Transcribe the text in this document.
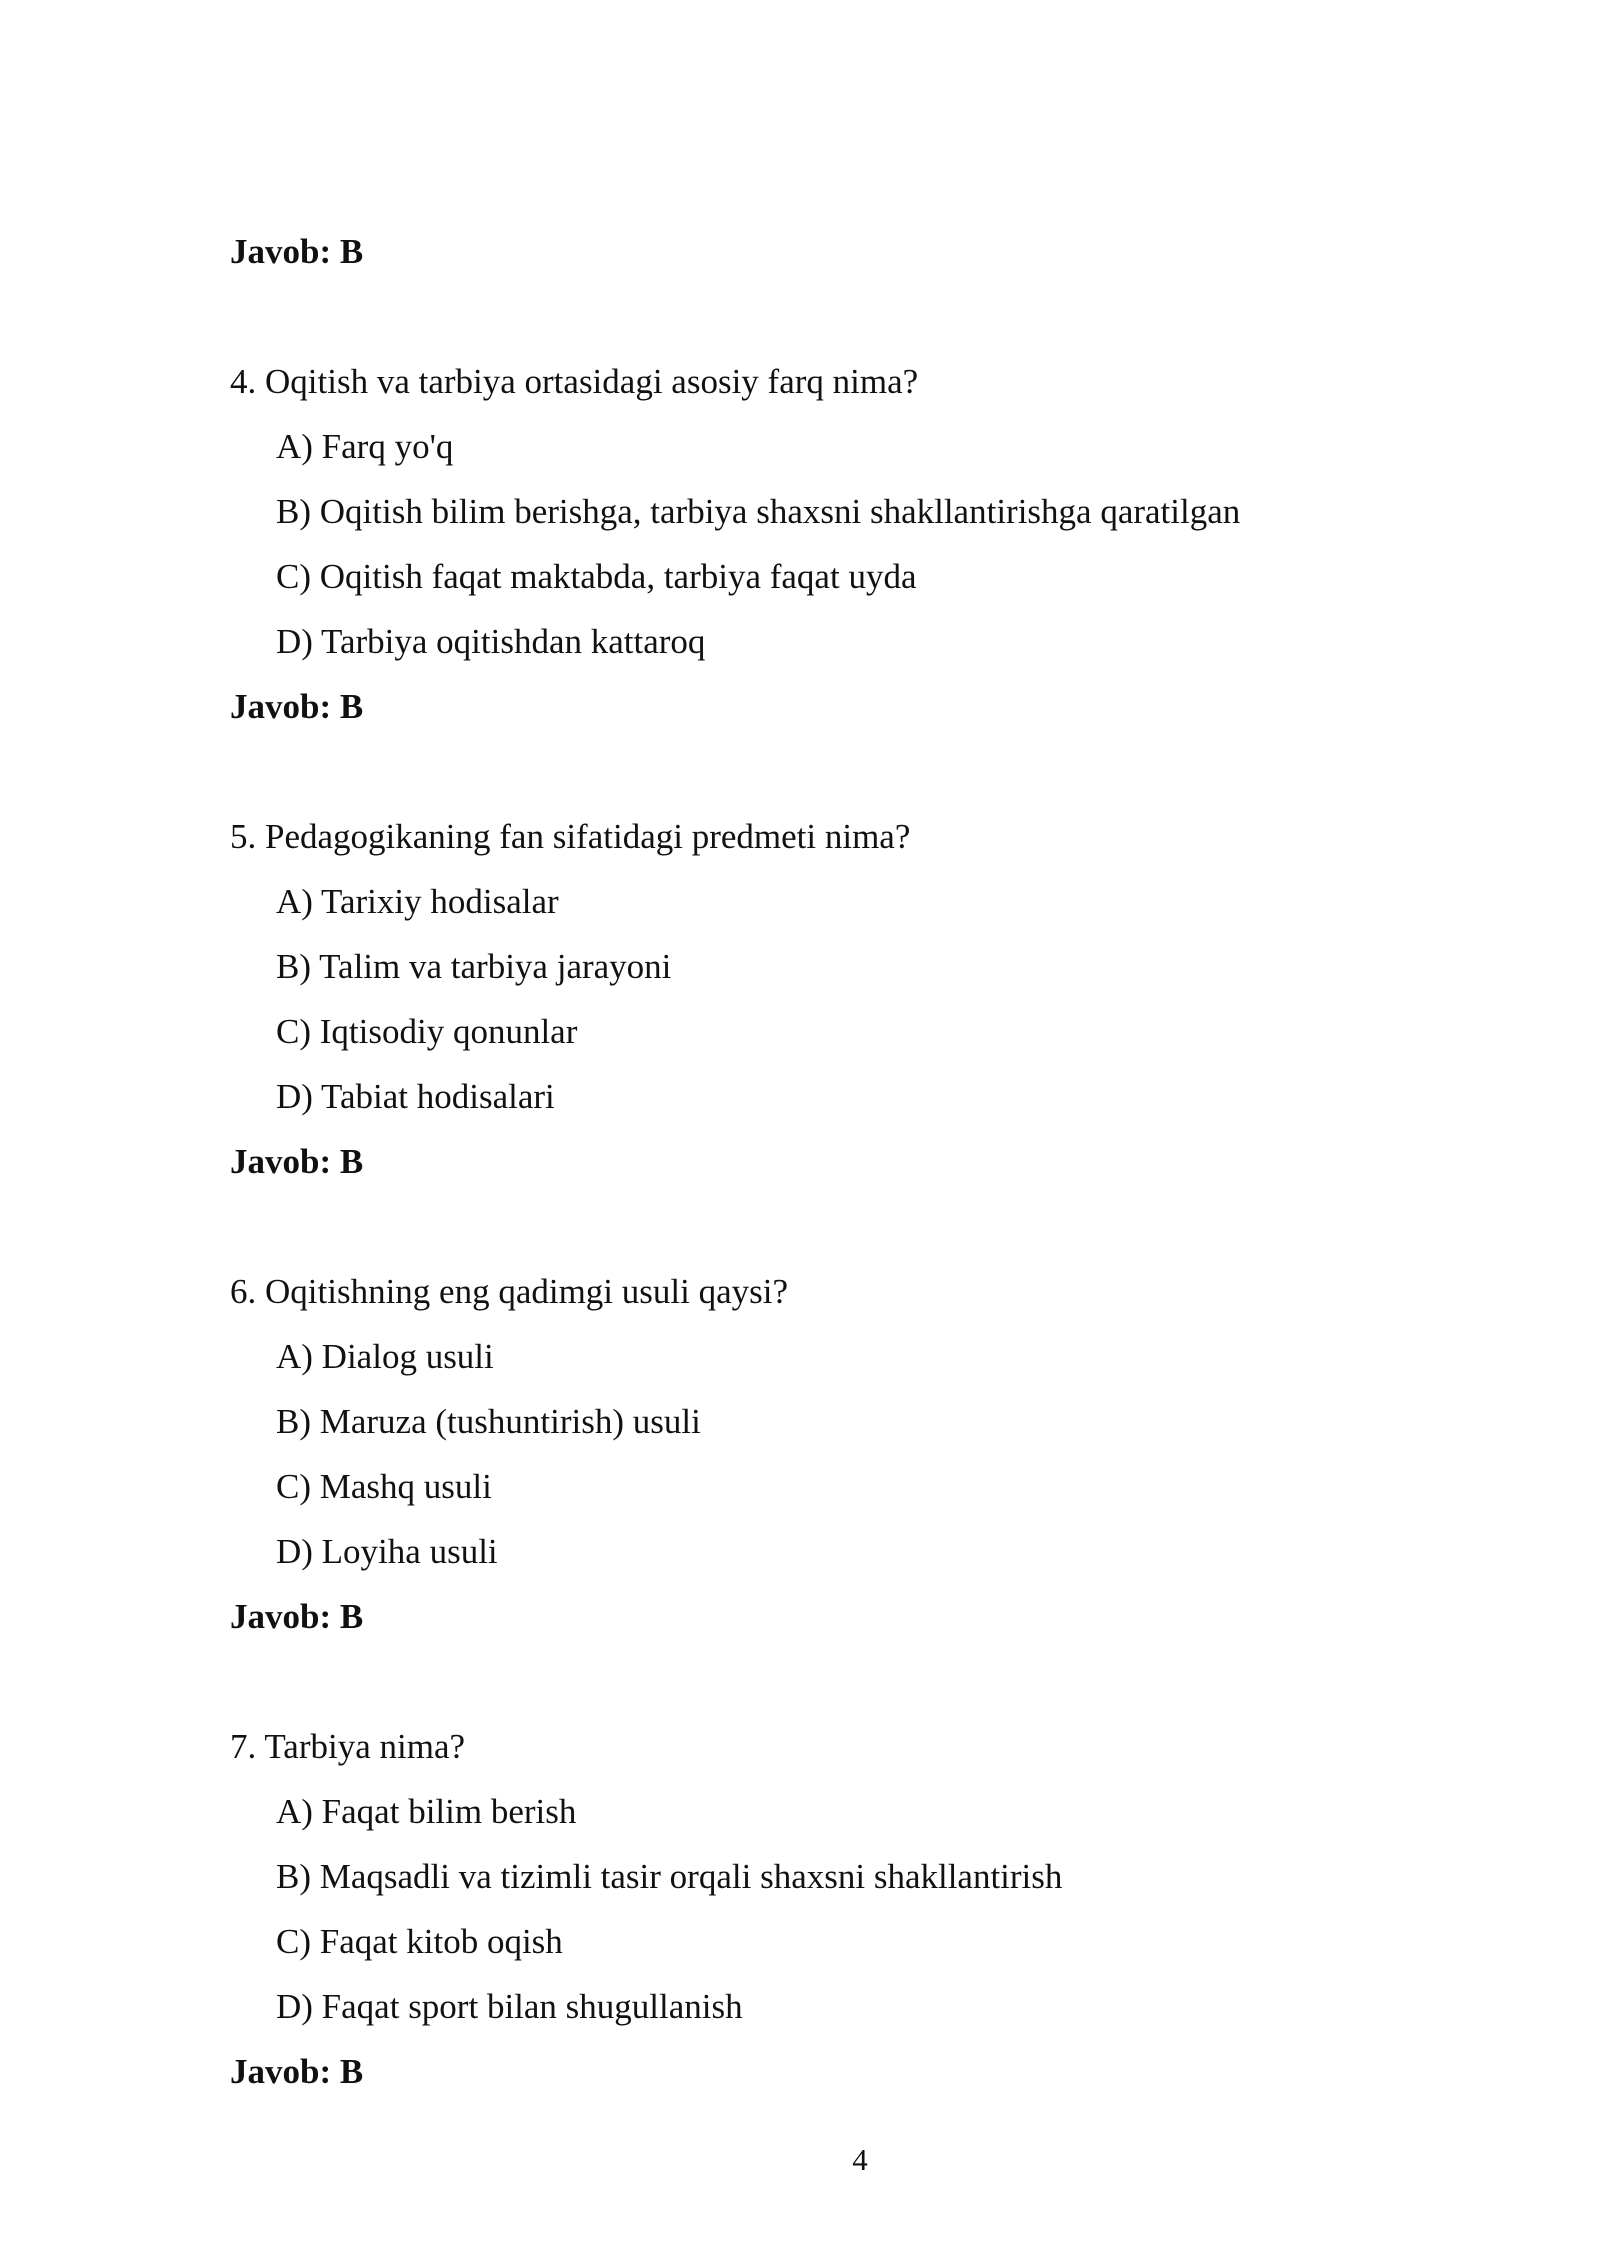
Javob: B
4. Oqitish va tarbiya ortasidagi asosiy farq nima?
A) Farq yo'q
B) Oqitish bilim berishga, tarbiya shaxsni shakllantirishga qaratilgan
C) Oqitish faqat maktabda, tarbiya faqat uyda
D) Tarbiya oqitishdan kattaroq
Javob: B
5. Pedagogikaning fan sifatidagi predmeti nima?
A) Tarixiy hodisalar
B) Talim va tarbiya jarayoni
C) Iqtisodiy qonunlar
D) Tabiat hodisalari
Javob: B
6. Oqitishning eng qadimgi usuli qaysi?
A) Dialog usuli
B) Maruza (tushuntirish) usuli
C) Mashq usuli
D) Loyiha usuli
Javob: B
7. Tarbiya nima?
A) Faqat bilim berish
B) Maqsadli va tizimli tasir orqali shaxsni shakllantirish
C) Faqat kitob oqish
D) Faqat sport bilan shugullanish
Javob: B
4
